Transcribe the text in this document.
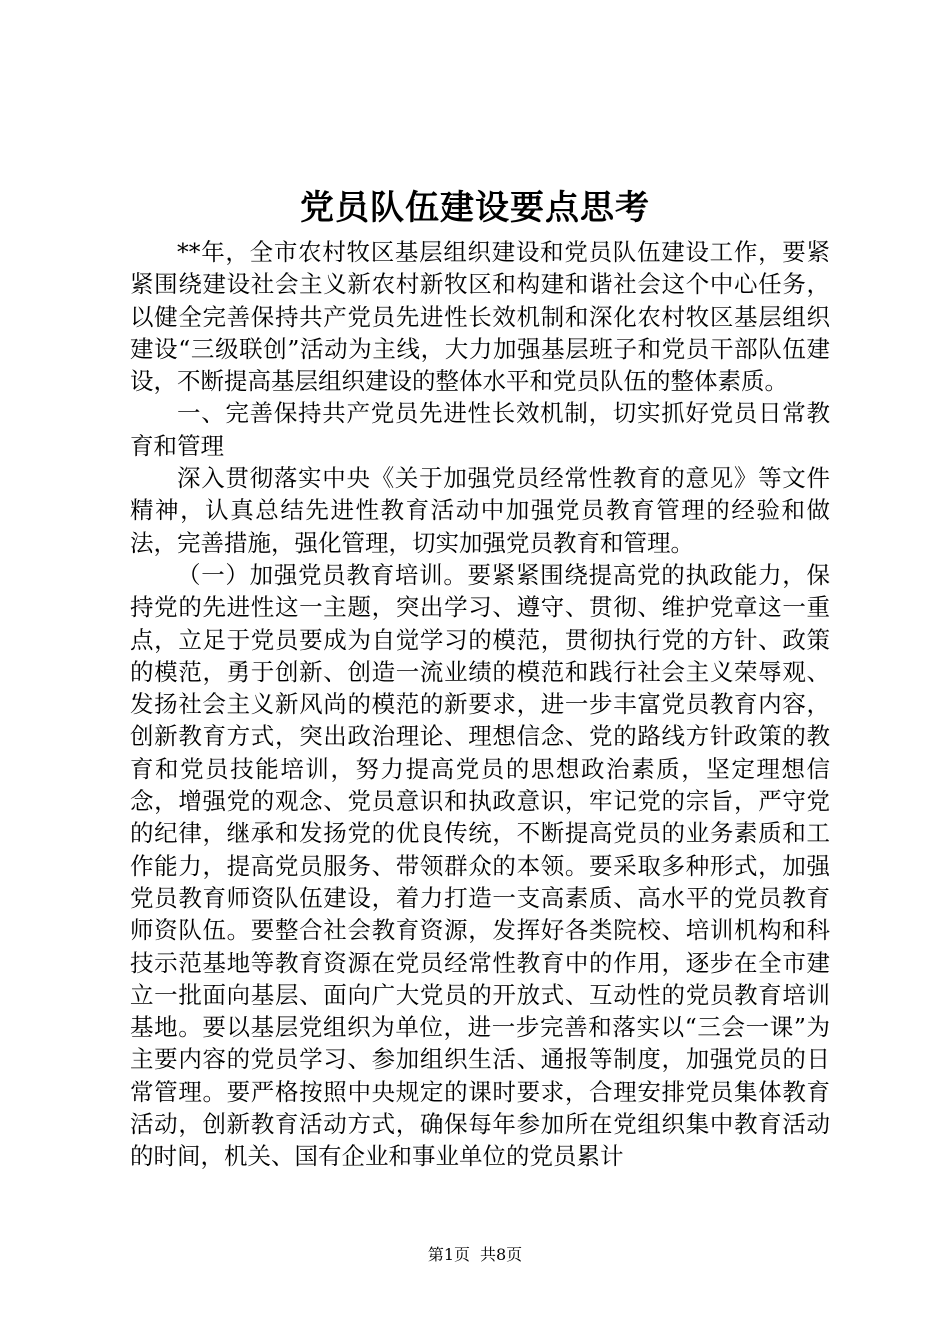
党员队伍建设要点思考

**年，全市农村牧区基层组织建设和党员队伍建设工作，要紧紧围绕建设社会主义新农村新牧区和构建和谐社会这个中心任务，以健全完善保持共产党员先进性长效机制和深化农村牧区基层组织建设“三级联创”活动为主线，大力加强基层班子和党员干部队伍建设，不断提高基层组织建设的整体水平和党员队伍的整体素质。

一、完善保持共产党员先进性长效机制，切实抓好党员日常教育和管理

深入贯彻落实中央《关于加强党员经常性教育的意见》等文件精神，认真总结先进性教育活动中加强党员教育管理的经验和做法，完善措施，强化管理，切实加强党员教育和管理。

（一）加强党员教育培训。要紧紧围绕提高党的执政能力，保持党的先进性这一主题，突出学习、遵守、贯彻、维护党章这一重点，立足于党员要成为自觉学习的模范，贯彻执行党的方针、政策的模范，勇于创新、创造一流业绩的模范和践行社会主义荣辱观、发扬社会主义新风尚的模范的新要求，进一步丰富党员教育内容，创新教育方式，突出政治理论、理想信念、党的路线方针政策的教育和党员技能培训，努力提高党员的思想政治素质，坚定理想信念，增强党的观念、党员意识和执政意识，牢记党的宗旨，严守党的纪律，继承和发扬党的优良传统，不断提高党员的业务素质和工作能力，提高党员服务、带领群众的本领。要采取多种形式，加强党员教育师资队伍建设，着力打造一支高素质、高水平的党员教育师资队伍。要整合社会教育资源，发挥好各类院校、培训机构和科技示范基地等教育资源在党员经常性教育中的作用，逐步在全市建立一批面向基层、面向广大党员的开放式、互动性的党员教育培训基地。要以基层党组织为单位，进一步完善和落实以“三会一课”为主要内容的党员学习、参加组织生活、通报等制度，加强党员的日常管理。要严格按照中央规定的课时要求，合理安排党员集体教育活动，创新教育活动方式，确保每年参加所在党组织集中教育活动的时间，机关、国有企业和事业单位的党员累计

第1页 共8页
